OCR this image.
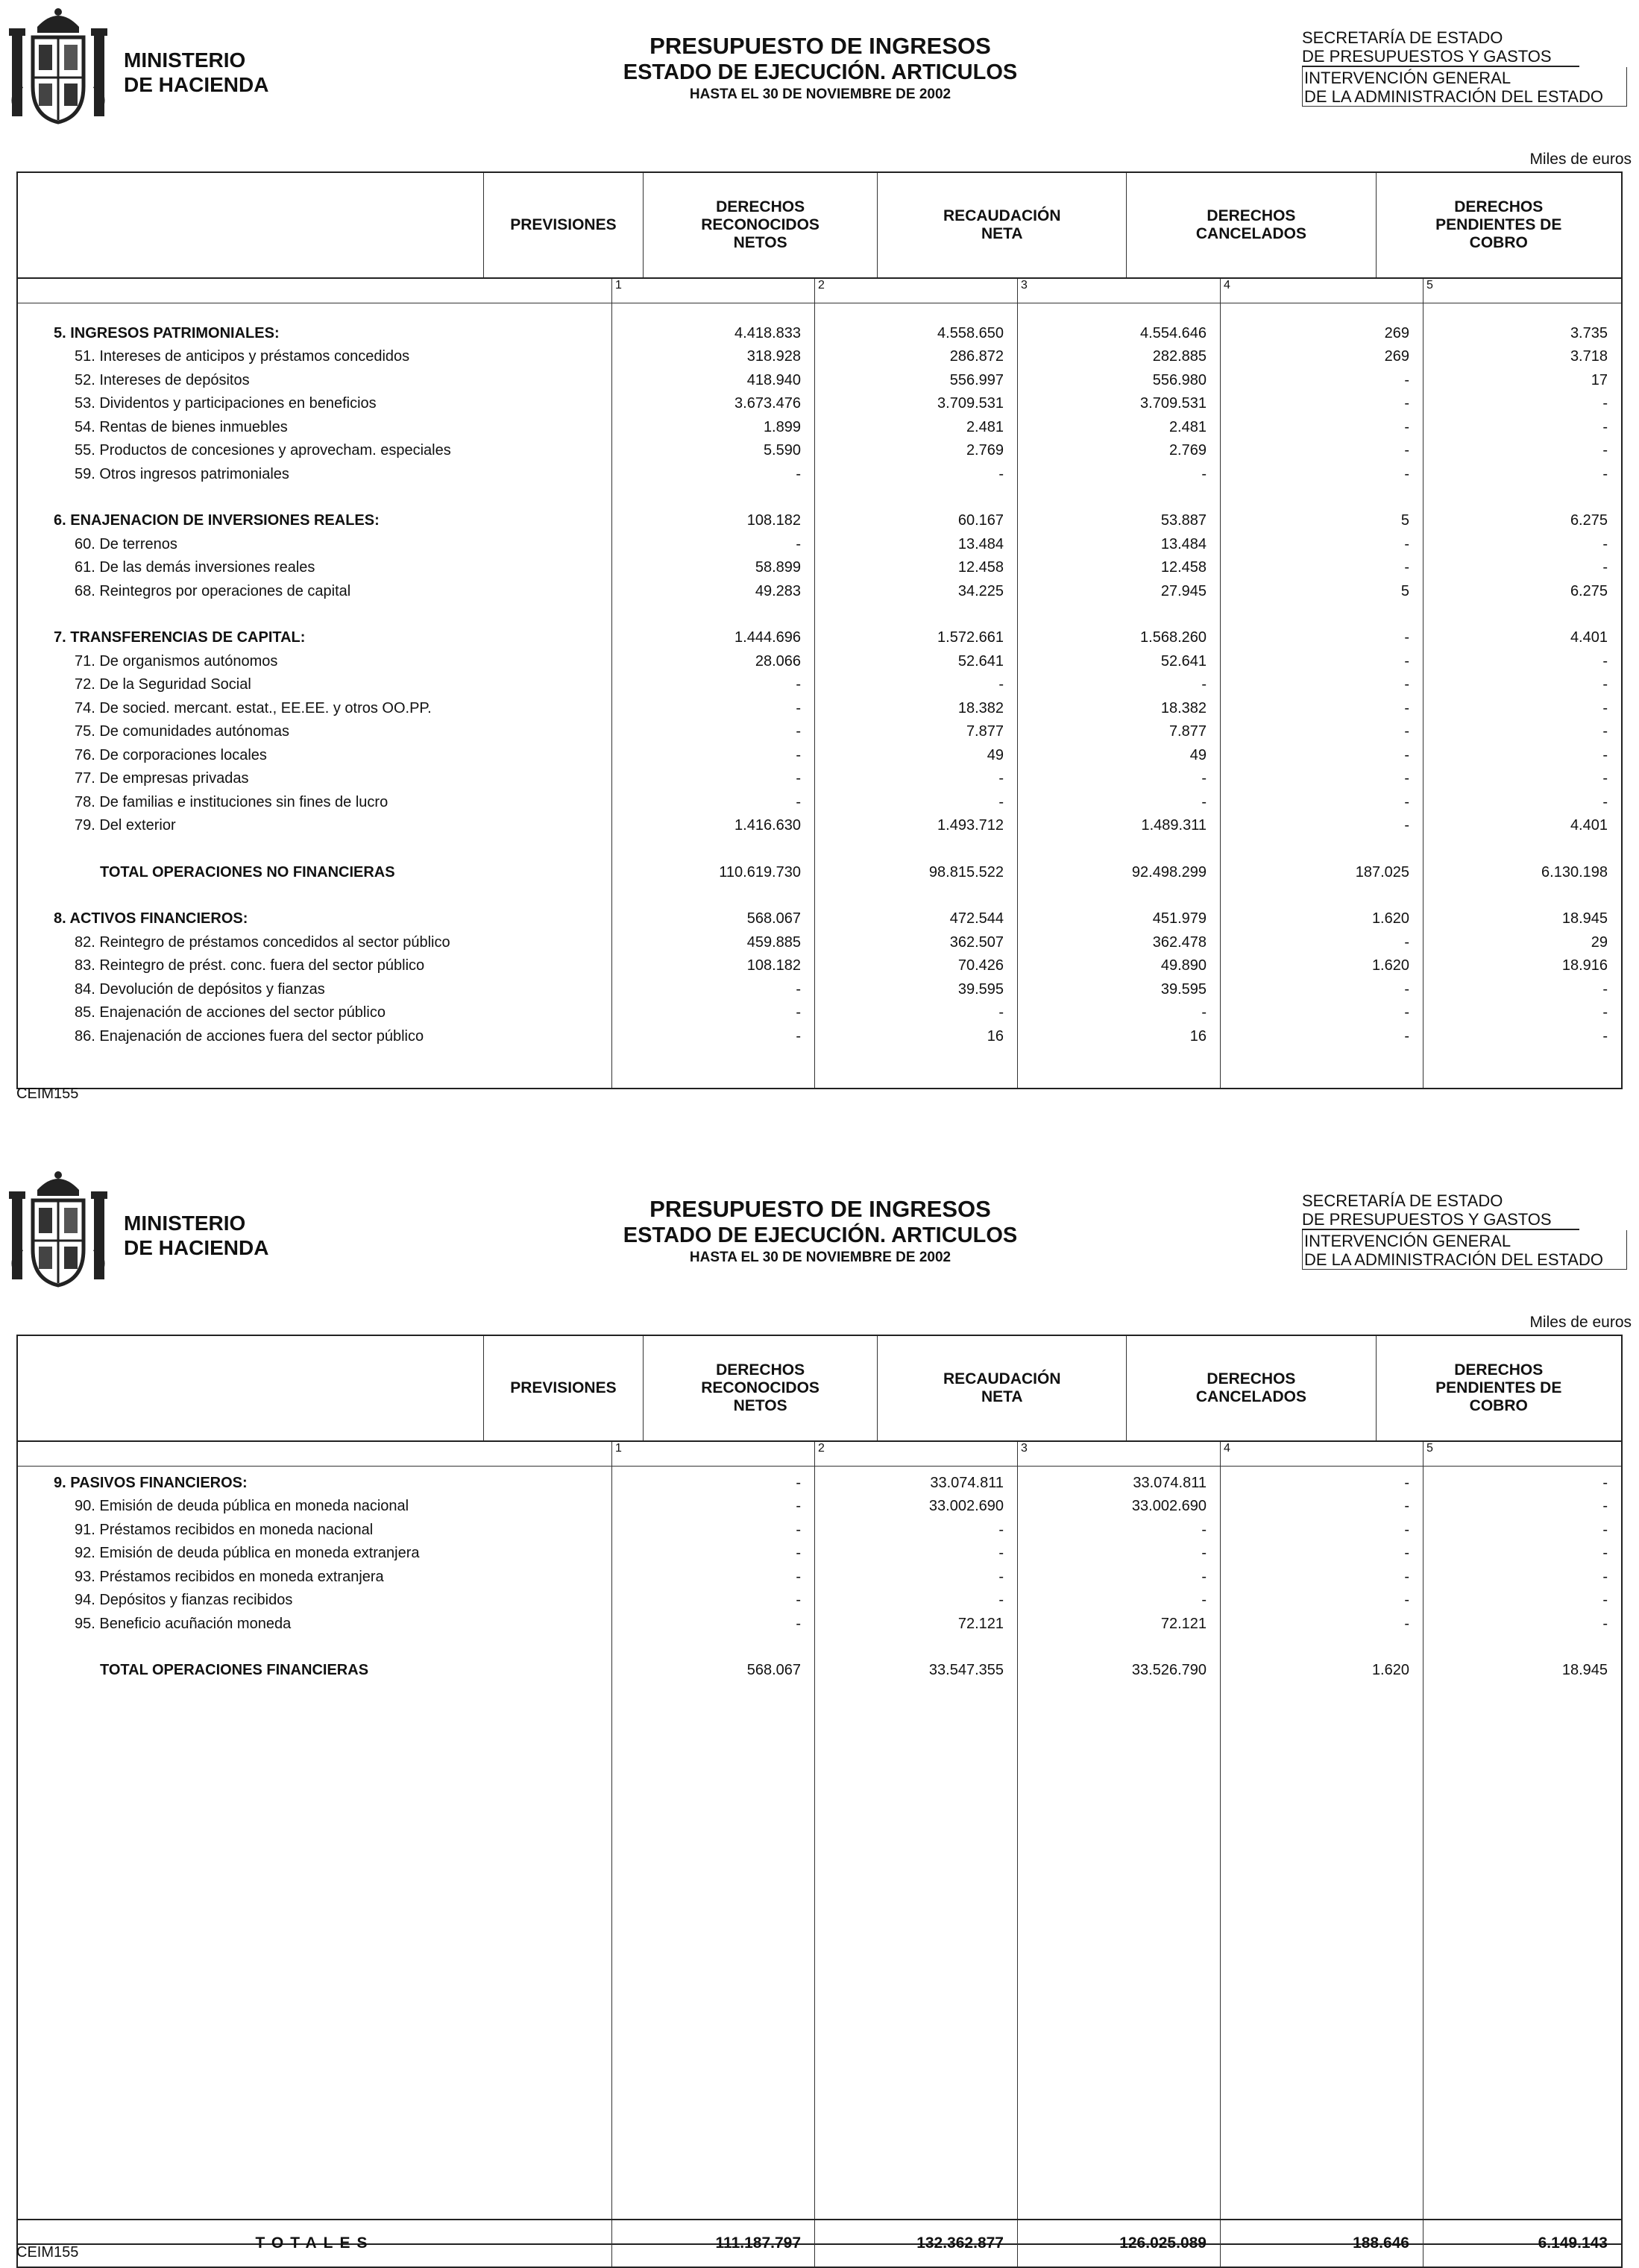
MINISTERIO
DE HACIENDA
PRESUPUESTO DE INGRESOS
ESTADO DE EJECUCIÓN. ARTICULOS
HASTA EL 30 DE NOVIEMBRE DE 2002
SECRETARÍA DE ESTADO
DE PRESUPUESTOS Y GASTOS
INTERVENCIÓN GENERAL
DE LA ADMINISTRACIÓN DEL ESTADO
Miles de euros
PREVISIONES
DERECHOS RECONOCIDOS NETOS
RECAUDACIÓN NETA
DERECHOS CANCELADOS
DERECHOS PENDIENTES DE COBRO
1	2	3	4	5
5. INGRESOS PATRIMONIALES:	4.418.833	4.558.650	4.554.646	269	3.735
51. Intereses de anticipos y préstamos concedidos	318.928	286.872	282.885	269	3.718
52. Intereses de depósitos	418.940	556.997	556.980	-	17
53. Dividentos y participaciones en beneficios	3.673.476	3.709.531	3.709.531	-	-
54. Rentas de bienes inmuebles	1.899	2.481	2.481	-	-
55. Productos de concesiones y aprovecham. especiales	5.590	2.769	2.769	-	-
59. Otros ingresos patrimoniales	-	-	-	-	-
6. ENAJENACION DE INVERSIONES REALES:	108.182	60.167	53.887	5	6.275
60. De terrenos	-	13.484	13.484	-	-
61. De las demás inversiones reales	58.899	12.458	12.458	-	-
68. Reintegros por operaciones de capital	49.283	34.225	27.945	5	6.275
7. TRANSFERENCIAS DE CAPITAL:	1.444.696	1.572.661	1.568.260	-	4.401
71. De organismos autónomos	28.066	52.641	52.641	-	-
72. De la Seguridad Social	-	-	-	-	-
74. De socied. mercant. estat., EE.EE. y otros OO.PP.	-	18.382	18.382	-	-
75. De comunidades autónomas	-	7.877	7.877	-	-
76. De corporaciones locales	-	49	49	-	-
77. De empresas privadas	-	-	-	-	-
78. De familias e instituciones sin fines de lucro	-	-	-	-	-
79. Del exterior	1.416.630	1.493.712	1.489.311	-	4.401
TOTAL OPERACIONES NO FINANCIERAS	110.619.730	98.815.522	92.498.299	187.025	6.130.198
8. ACTIVOS FINANCIEROS:	568.067	472.544	451.979	1.620	18.945
82. Reintegro de préstamos concedidos al sector público	459.885	362.507	362.478	-	29
83. Reintegro de prést. conc. fuera del sector público	108.182	70.426	49.890	1.620	18.916
84. Devolución de depósitos y fianzas	-	39.595	39.595	-	-
85. Enajenación de acciones del sector público	-	-	-	-	-
86. Enajenación de acciones fuera del sector público	-	16	16	-	-
CEIM155
MINISTERIO
DE HACIENDA
PRESUPUESTO DE INGRESOS
ESTADO DE EJECUCIÓN. ARTICULOS
HASTA EL 30 DE NOVIEMBRE DE 2002
SECRETARÍA DE ESTADO
DE PRESUPUESTOS Y GASTOS
INTERVENCIÓN GENERAL
DE LA ADMINISTRACIÓN DEL ESTADO
Miles de euros
PREVISIONES
DERECHOS RECONOCIDOS NETOS
RECAUDACIÓN NETA
DERECHOS CANCELADOS
DERECHOS PENDIENTES DE COBRO
1	2	3	4	5
9. PASIVOS FINANCIEROS:	-	33.074.811	33.074.811	-	-
90. Emisión de deuda pública en moneda nacional	-	33.002.690	33.002.690	-	-
91. Préstamos recibidos en moneda nacional	-	-	-	-	-
92. Emisión de deuda pública en moneda extranjera	-	-	-	-	-
93. Préstamos recibidos en moneda extranjera	-	-	-	-	-
94. Depósitos y fianzas recibidos	-	-	-	-	-
95. Beneficio acuñación moneda	-	72.121	72.121	-	-
TOTAL OPERACIONES FINANCIERAS	568.067	33.547.355	33.526.790	1.620	18.945
TOTALES	111.187.797	132.362.877	126.025.089	188.646	6.149.143
CEIM155
